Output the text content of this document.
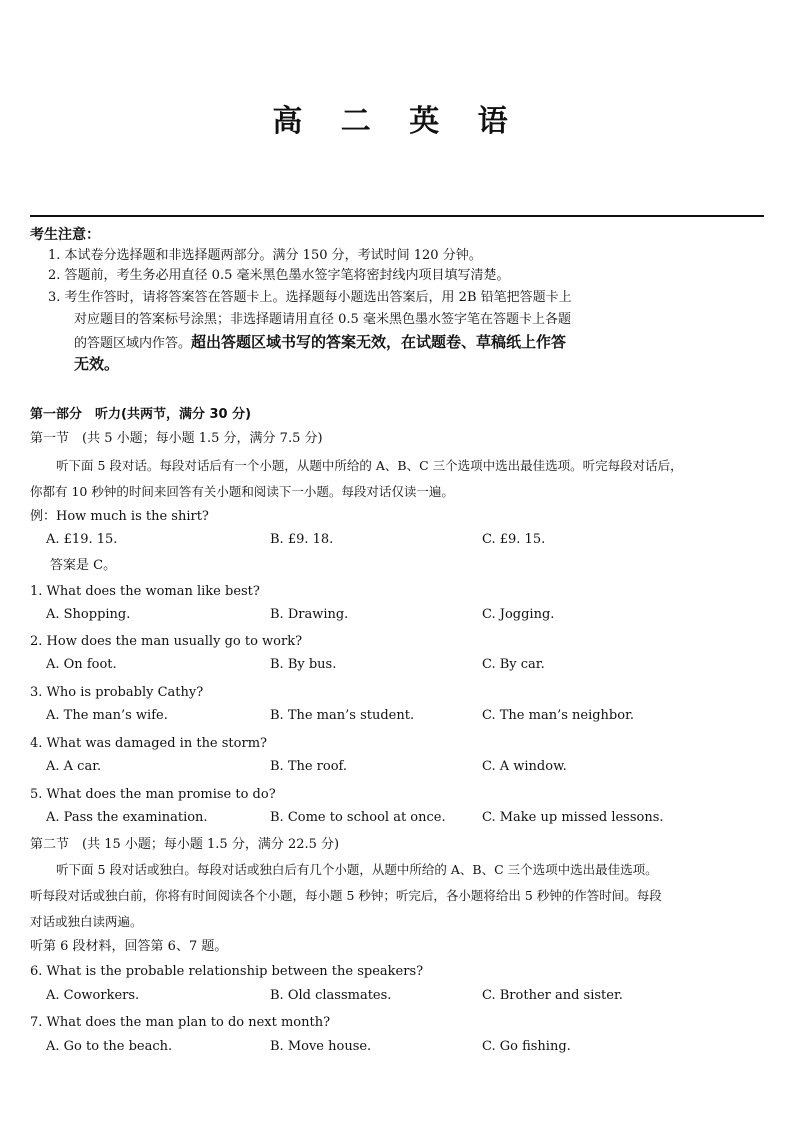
高 二 英 语
考生注意：
1. 本试卷分选择题和非选择题两部分。满分 150 分，考试时间 120 分钟。
2. 答题前，考生务必用直径 0.5 毫米黑色墨水签字笔将密封线内项目填写清楚。
3. 考生作答时，请将答案答在答题卡上。选择题每小题选出答案后，用 2B 铅笔把答题卡上
对应题目的答案标号涂黑；非选择题请用直径 0.5 毫米黑色墨水签字笔在答题卡上各题
的答题区域内作答。超出答题区域书写的答案无效，在试题卷、草稿纸上作答
无效。
第一部分　听力(共两节，满分 30 分)
第一节　(共 5 小题；每小题 1.5 分，满分 7.5 分)
听下面 5 段对话。每段对话后有一个小题，从题中所给的 A、B、C 三个选项中选出最佳选项。听完每段对话后，
你都有 10 秒钟的时间来回答有关小题和阅读下一小题。每段对话仅读一遍。
例：How much is the shirt?
A. £19. 15.	B. £9. 18.	C. £9. 15.
答案是 C。
1. What does the woman like best?
A. Shopping.	B. Drawing.	C. Jogging.
2. How does the man usually go to work?
A. On foot.	B. By bus.	C. By car.
3. Who is probably Cathy?
A. The man’s wife.	B. The man’s student.	C. The man’s neighbor.
4. What was damaged in the storm?
A. A car.	B. The roof.	C. A window.
5. What does the man promise to do?
A. Pass the examination.	B. Come to school at once.	C. Make up missed lessons.
第二节　(共 15 小题；每小题 1.5 分，满分 22.5 分)
听下面 5 段对话或独白。每段对话或独白后有几个小题，从题中所给的 A、B、C 三个选项中选出最佳选项。
听每段对话或独白前，你将有时间阅读各个小题，每小题 5 秒钟；听完后，各小题将给出 5 秒钟的作答时间。每段
对话或独白读两遍。
听第 6 段材料，回答第 6、7 题。
6. What is the probable relationship between the speakers?
A. Coworkers.	B. Old classmates.	C. Brother and sister.
7. What does the man plan to do next month?
A. Go to the beach.	B. Move house.	C. Go fishing.
